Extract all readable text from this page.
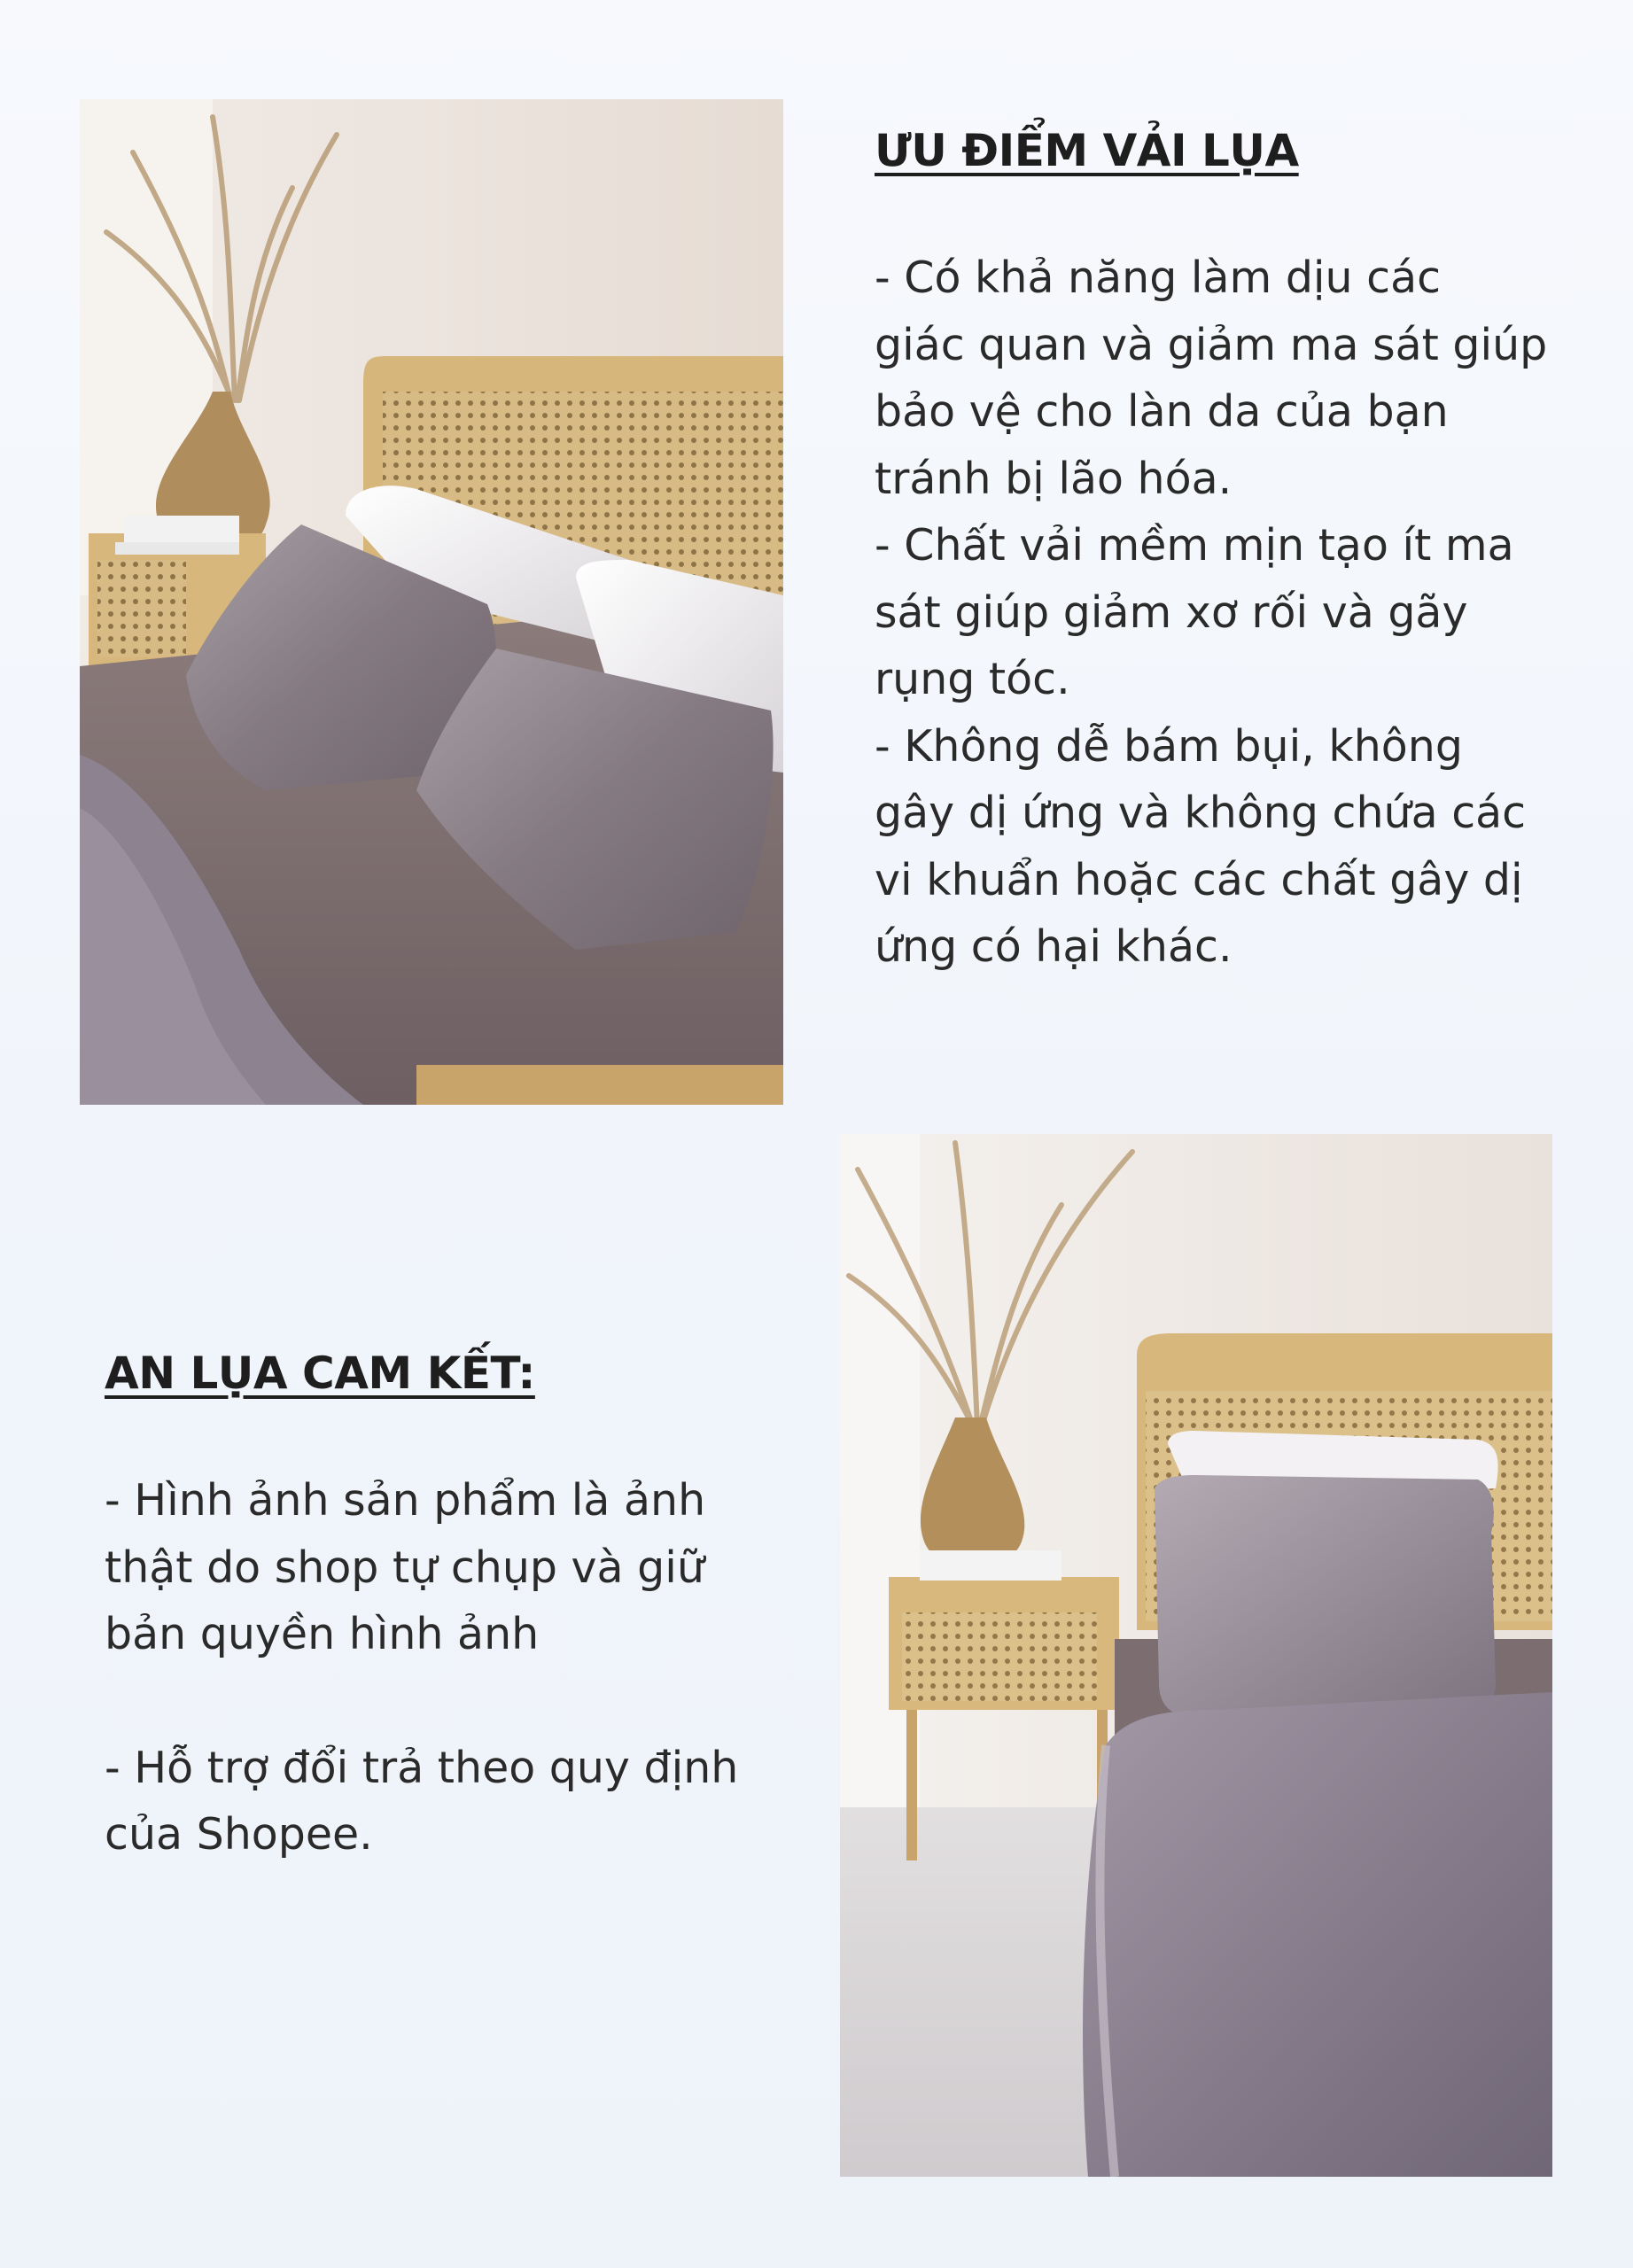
ƯU ĐIỂM VẢI LỤA

- Có khả năng làm dịu các
giác quan và giảm ma sát giúp
bảo vệ cho làn da của bạn
tránh bị lão hóa.
- Chất vải mềm mịn tạo ít ma
sát giúp giảm xơ rối và gãy
rụng tóc.
- Không dễ bám bụi, không
gây dị ứng và không chứa các
vi khuẩn hoặc các chất gây dị
ứng có hại khác.

AN LỤA CAM KẾT:

- Hình ảnh sản phẩm là ảnh
thật do shop tự chụp và giữ
bản quyền hình ảnh

- Hỗ trợ đổi trả theo quy định
của Shopee.
